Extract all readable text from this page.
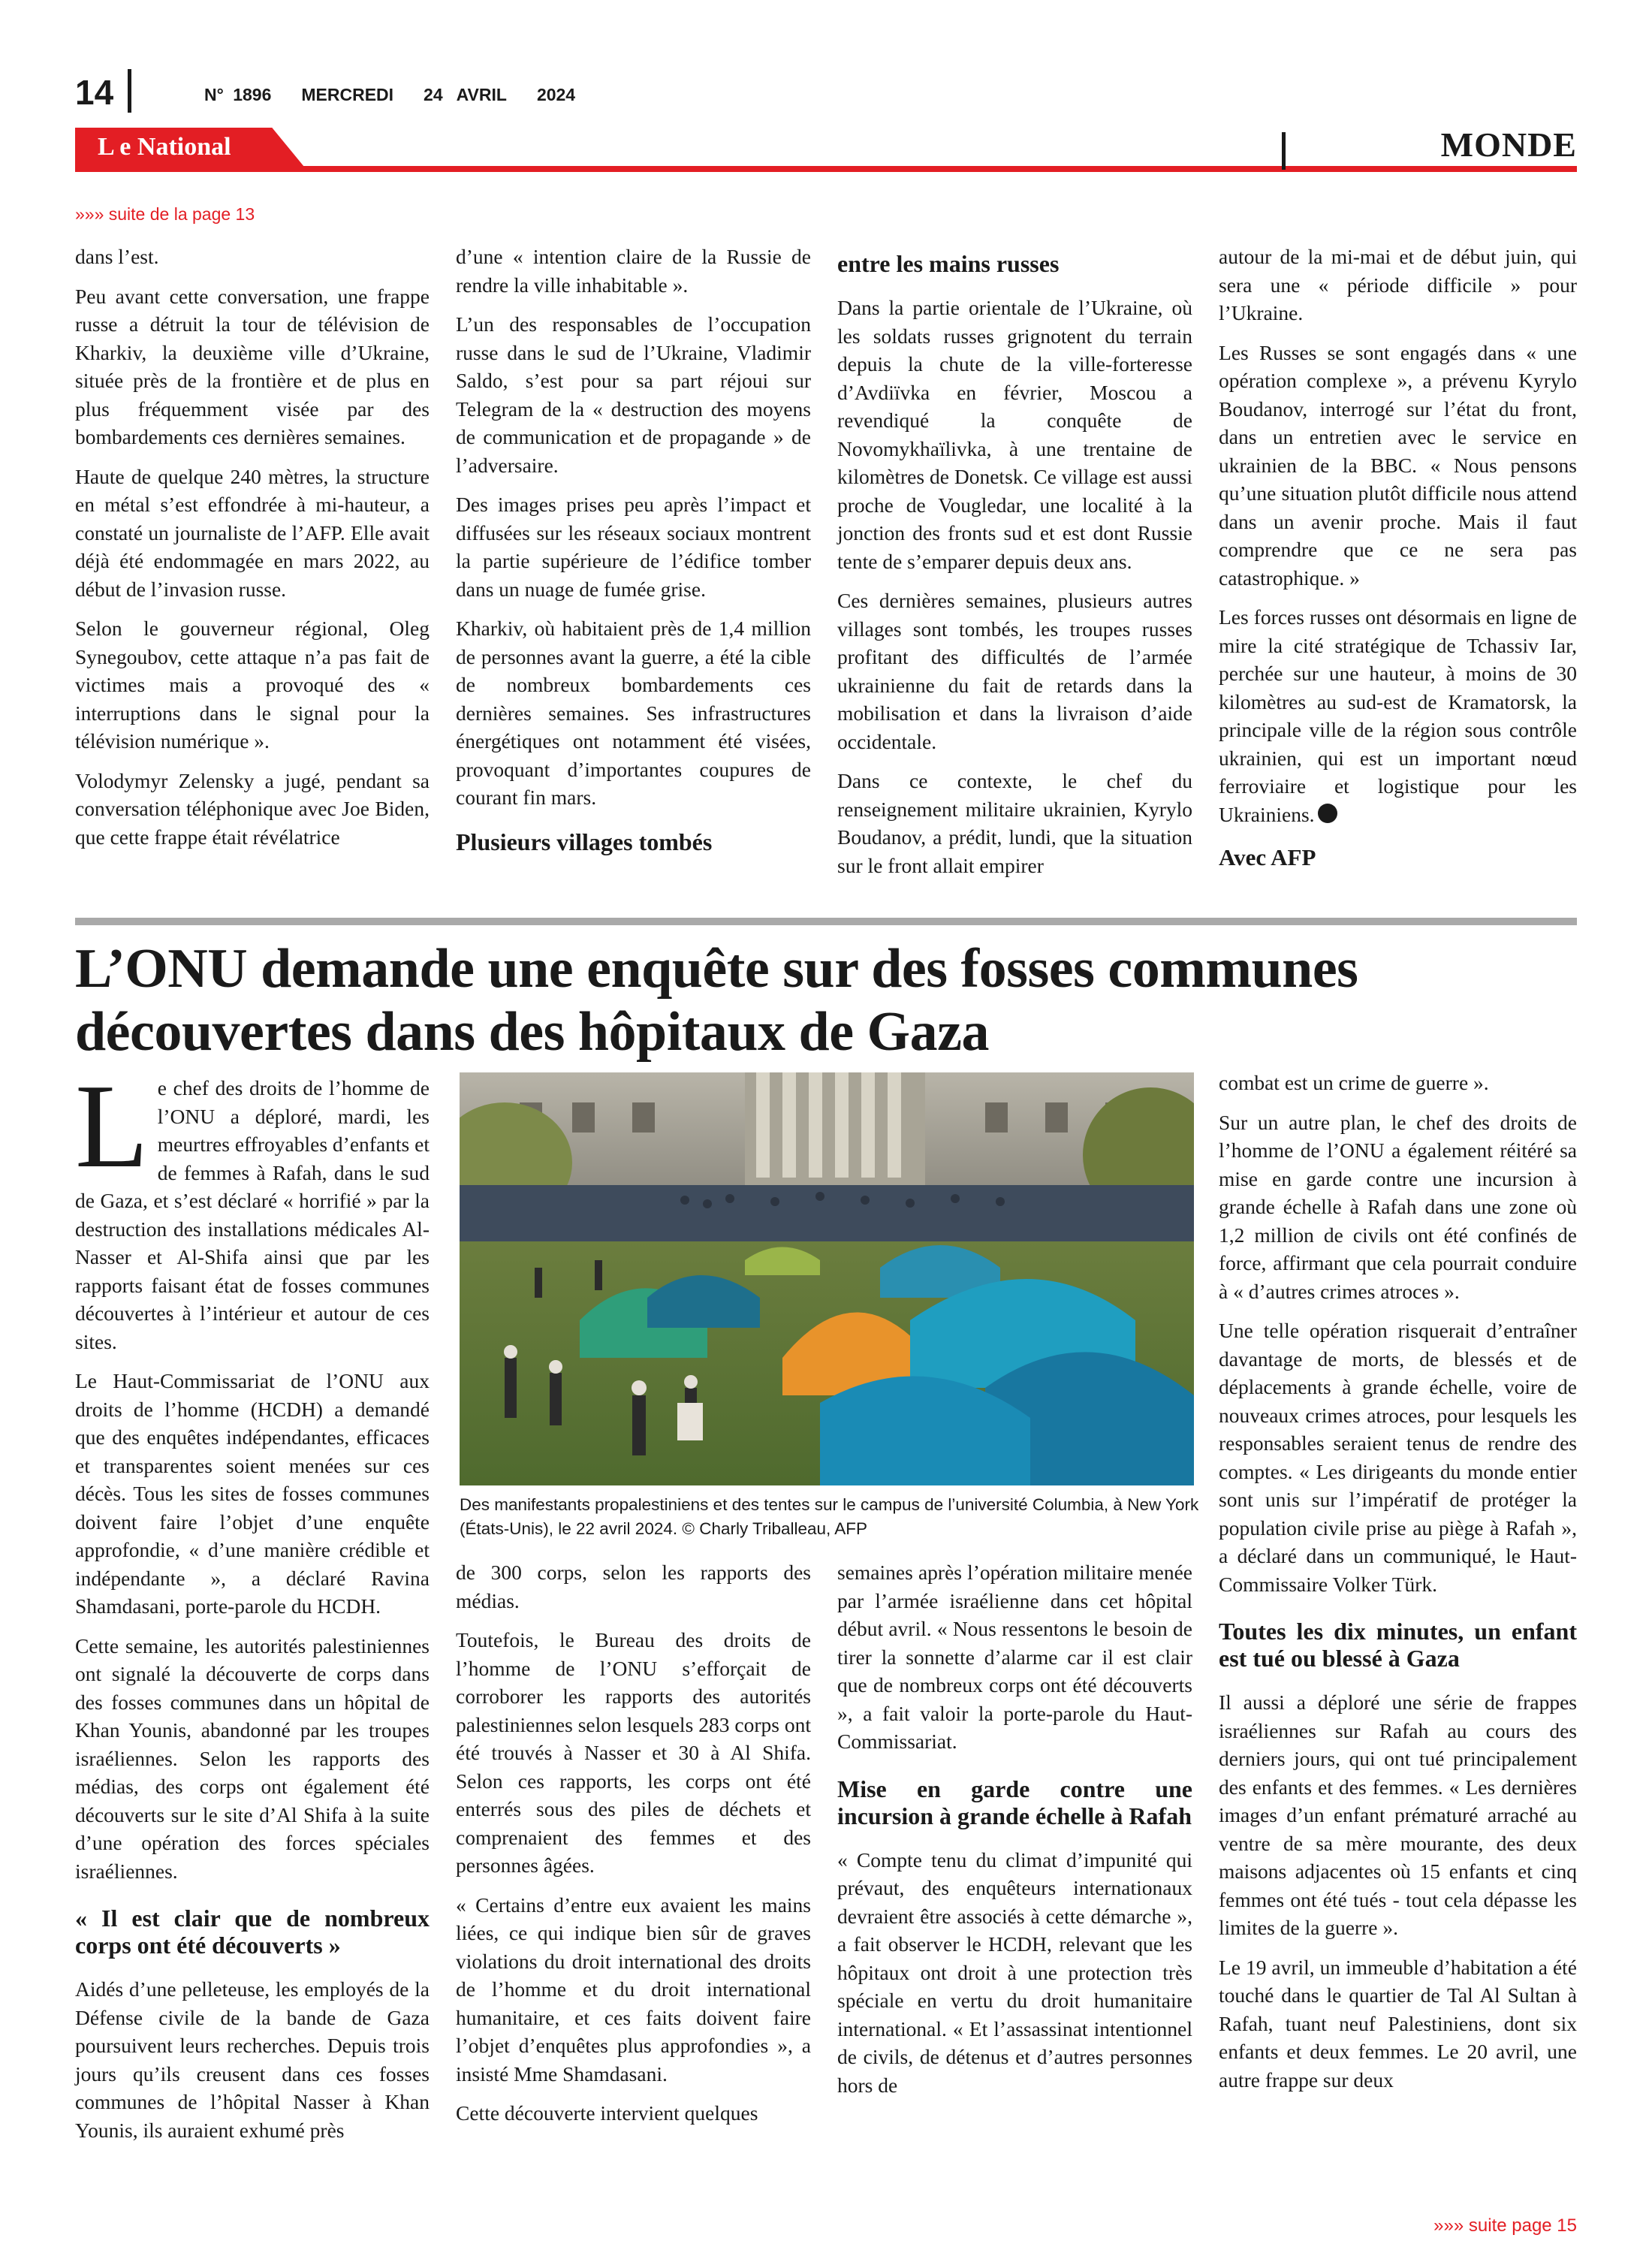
14	N° 1896 MERCREDI 24 AVRIL 2024
L e National	MONDE
»»» suite de la page 13

dans l’est.

Peu avant cette conversation, une frappe russe a détruit la tour de télévision de Kharkiv, la deuxième ville d’Ukraine, située près de la frontière et de plus en plus fréquemment visée par des bombardements ces dernières semaines.

Haute de quelque 240 mètres, la structure en métal s’est effondrée à mi-hauteur, a constaté un journaliste de l’AFP. Elle avait déjà été endommagée en mars 2022, au début de l’invasion russe.

Selon le gouverneur régional, Oleg Synegoubov, cette attaque n’a pas fait de victimes mais a provoqué des « interruptions dans le signal pour la télévision numérique ».

Volodymyr Zelensky a jugé, pendant sa conversation téléphonique avec Joe Biden, que cette frappe était révélatrice

d’une « intention claire de la Russie de rendre la ville inhabitable ».

L’un des responsables de l’occupation russe dans le sud de l’Ukraine, Vladimir Saldo, s’est pour sa part réjoui sur Telegram de la « destruction des moyens de communication et de propagande » de l’adversaire.

Des images prises peu après l’impact et diffusées sur les réseaux sociaux montrent la partie supérieure de l’édifice tomber dans un nuage de fumée grise.

Kharkiv, où habitaient près de 1,4 million de personnes avant la guerre, a été la cible de nombreux bombardements ces dernières semaines. Ses infrastructures énergétiques ont notamment été visées, provoquant d’importantes coupures de courant fin mars.

Plusieurs villages tombés
entre les mains russes

Dans la partie orientale de l’Ukraine, où les soldats russes grignotent du terrain depuis la chute de la ville-forteresse d’Avdiïvka en février, Moscou a revendiqué la conquête de Novomykhaïlivka, à une trentaine de kilomètres de Donetsk. Ce village est aussi proche de Vougledar, une localité à la jonction des fronts sud et est dont Russie tente de s’emparer depuis deux ans.

Ces dernières semaines, plusieurs autres villages sont tombés, les troupes russes profitant des difficultés de l’armée ukrainienne du fait de retards dans la mobilisation et dans la livraison d’aide occidentale.

Dans ce contexte, le chef du renseignement militaire ukrainien, Kyrylo Boudanov, a prédit, lundi, que la situation sur le front allait empirer

autour de la mi-mai et de début juin, qui sera une « période difficile » pour l’Ukraine.

Les Russes se sont engagés dans « une opération complexe », a prévenu Kyrylo Boudanov, interrogé sur l’état du front, dans un entretien avec le service en ukrainien de la BBC. « Nous pensons qu’une situation plutôt difficile nous attend dans un avenir proche. Mais il faut comprendre que ce ne sera pas catastrophique. »

Les forces russes ont désormais en ligne de mire la cité stratégique de Tchassiv Iar, perchée sur une hauteur, à moins de 30 kilomètres au sud-est de Kramatorsk, la principale ville de la région sous contrôle ukrainien, qui est un important nœud ferroviaire et logistique pour les Ukrainiens.

Avec AFP
L’ONU demande une enquête sur des fosses communes découvertes dans des hôpitaux de Gaza

Le chef des droits de l’homme de l’ONU a déploré, mardi, les meurtres effroyables d’enfants et de femmes à Rafah, dans le sud de Gaza, et s’est déclaré « horrifié » par la destruction des installations médicales Al-Nasser et Al-Shifa ainsi que par les rapports faisant état de fosses communes découvertes à l’intérieur et autour de ces sites.

Le Haut-Commissariat de l’ONU aux droits de l’homme (HCDH) a demandé que des enquêtes indépendantes, efficaces et transparentes soient menées sur ces décès. Tous les sites de fosses communes doivent faire l’objet d’une enquête approfondie, « d’une manière crédible et indépendante », a déclaré Ravina Shamdasani, porte-parole du HCDH.

Cette semaine, les autorités palestiniennes ont signalé la découverte de corps dans des fosses communes dans un hôpital de Khan Younis, abandonné par les troupes israéliennes. Selon les rapports des médias, des corps ont également été découverts sur le site d’Al Shifa à la suite d’une opération des forces spéciales israéliennes.

« Il est clair que de nombreux corps ont été découverts »

Aidés d’une pelleteuse, les employés de la Défense civile de la bande de Gaza poursuivent leurs recherches. Depuis trois jours qu’ils creusent dans ces fosses communes de l’hôpital Nasser à Khan Younis, ils auraient exhumé près

Des manifestants propalestiniens et des tentes sur le campus de l’université Columbia, à New York (États-Unis), le 22 avril 2024. © Charly Triballeau, AFP

de 300 corps, selon les rapports des médias.

Toutefois, le Bureau des droits de l’homme de l’ONU s’efforçait de corroborer les rapports des autorités palestiniennes selon lesquels 283 corps ont été trouvés à Nasser et 30 à Al Shifa. Selon ces rapports, les corps ont été enterrés sous des piles de déchets et comprenaient des femmes et des personnes âgées.

« Certains d’entre eux avaient les mains liées, ce qui indique bien sûr de graves violations du droit international des droits de l’homme et du droit international humanitaire, et ces faits doivent faire l’objet d’enquêtes plus approfondies », a insisté Mme Shamdasani.

Cette découverte intervient quelques

semaines après l’opération militaire menée par l’armée israélienne dans cet hôpital début avril. « Nous ressentons le besoin de tirer la sonnette d’alarme car il est clair que de nombreux corps ont été découverts », a fait valoir la porte-parole du Haut-Commissariat.

Mise en garde contre une incursion à grande échelle à Rafah

« Compte tenu du climat d’impunité qui prévaut, des enquêteurs internationaux devraient être associés à cette démarche », a fait observer le HCDH, relevant que les hôpitaux ont droit à une protection très spéciale en vertu du droit humanitaire international. « Et l’assassinat intentionnel de civils, de détenus et d’autres personnes hors de

combat est un crime de guerre ».

Sur un autre plan, le chef des droits de l’homme de l’ONU a également réitéré sa mise en garde contre une incursion à grande échelle à Rafah dans une zone où 1,2 million de civils ont été confinés de force, affirmant que cela pourrait conduire à « d’autres crimes atroces ».

Une telle opération risquerait d’entraîner davantage de morts, de blessés et de déplacements à grande échelle, voire de nouveaux crimes atroces, pour lesquels les responsables seraient tenus de rendre des comptes. « Les dirigeants du monde entier sont unis sur l’impératif de protéger la population civile prise au piège à Rafah », a déclaré dans un communiqué, le Haut-Commissaire Volker Türk.

Toutes les dix minutes, un enfant est tué ou blessé à Gaza

Il aussi a déploré une série de frappes israéliennes sur Rafah au cours des derniers jours, qui ont tué principalement des enfants et des femmes. « Les dernières images d’un enfant prématuré arraché au ventre de sa mère mourante, des deux maisons adjacentes où 15 enfants et cinq femmes ont été tués - tout cela dépasse les limites de la guerre ».

Le 19 avril, un immeuble d’habitation a été touché dans le quartier de Tal Al Sultan à Rafah, tuant neuf Palestiniens, dont six enfants et deux femmes. Le 20 avril, une autre frappe sur deux

»»» suite page 15
